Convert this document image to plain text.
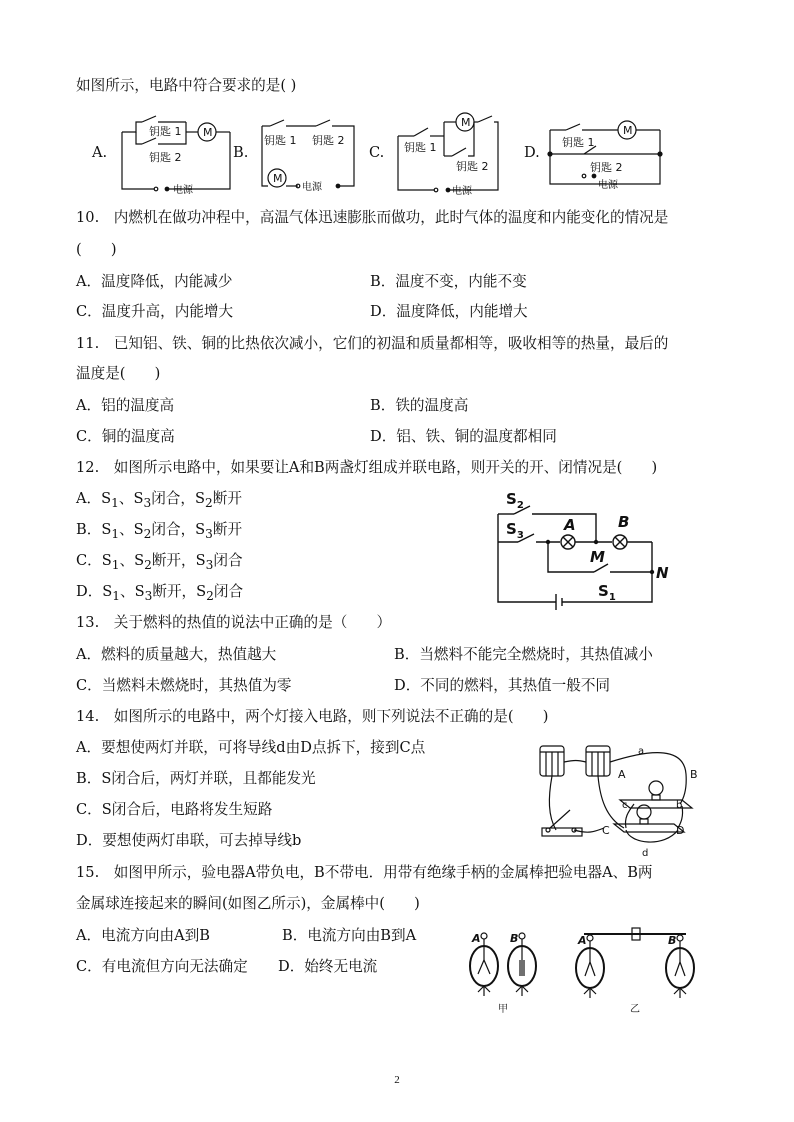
如图所示，电路中符合要求的是( )
A.	B.	C.	D.
钥匙 1
钥匙 2
M
电源
钥匙 1 钥匙 2
M
电源
钥匙 1
钥匙 2
M
电源
钥匙 1
钥匙 2
M
电源
10.　内燃机在做功冲程中，高温气体迅速膨胀而做功，此时气体的温度和内能变化的情况是
(　　)
A．温度降低，内能减少	B．温度不变，内能不变
C．温度升高，内能增大	D．温度降低，内能增大
11.　已知铝、铁、铜的比热依次减小，它们的初温和质量都相等，吸收相等的热量，最后的
温度是(　　)
A．铝的温度高	B．铁的温度高
C．铜的温度高	D．铝、铁、铜的温度都相同
12.　如图所示电路中，如果要让A和B两盏灯组成并联电路，则开关的开、闭情况是(　　)
A．$S_1$、$S_3$闭合，$S_2$断开
B．$S_1$、$S_2$闭合，$S_3$断开
C．$S_1$、$S_2$断开，$S_3$闭合
D．$S_1$、$S_3$断开，$S_2$闭合
$S_2$
$S_3$
$S_1$
A	B
M
N
13.　关于燃料的热值的说法中正确的是（　　）
A．燃料的质量越大，热值越大	B．当燃料不能完全燃烧时，其热值减小
C．当燃料未燃烧时，其热值为零	D．不同的燃料，其热值一般不同
14.　如图所示的电路中，两个灯接入电路，则下列说法不正确的是(　　)
A．要想使两灯并联，可将导线d由D点拆下，接到C点
B．S闭合后，两灯并联，且都能发光
C．S闭合后，电路将发生短路
D．要想使两灯串联，可去掉导线b
a
b
c
d
A	B
C	D
15.　如图甲所示，验电器A带负电，B不带电．用带有绝缘手柄的金属棒把验电器A、B两
金属球连接起来的瞬间(如图乙所示)，金属棒中(　　)
A．电流方向由A到B	B．电流方向由B到A
C．有电流但方向无法确定 D．始终无电流
A	B	A	B
甲	乙
2
